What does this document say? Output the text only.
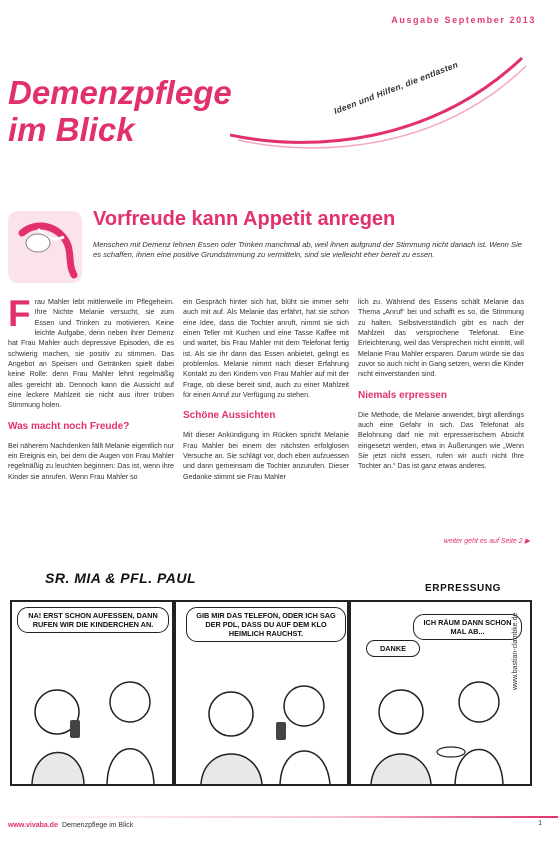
Ausgabe September 2013
Demenzpflege
im Blick
Ideen und Hilfen, die entlasten
Vorfreude kann Appetit anregen
Menschen mit Demenz lehnen Essen oder Trinken manchmal ab, weil ihnen aufgrund der Stimmung nicht danach ist. Wenn Sie es schaffen, ihnen eine positive Grundstimmung zu vermitteln, sind sie vielleicht eher bereit zu essen.
F rau Mahler lebt mittlerweile im Pflegeheim. Ihre Nichte Melanie versucht, sie zum Essen und Trinken zu motivieren. Keine leichte Aufgabe, denn neben ihrer Demenz hat Frau Mahler auch depressive Episoden, die es schwierig machen, sie positiv zu stimmen. Das Angebot an Speisen und Getränken spielt dabei keine Rolle: denn Frau Mahler lehnt regelmäßig alles gereicht ab. Dennoch kann die Aussicht auf eine leckere Mahlzeit sie nicht aus ihrer trüben Stimmung holen.
Was macht noch Freude?
Bei näherem Nachdenken fällt Melanie eigentlich nur ein Ereignis ein, bei dem die Augen von Frau Mahler regelmäßig zu leuchten beginnen: Das ist, wenn ihre Kinder sie anrufen. Wenn Frau Mahler so
ein Gespräch hinter sich hat, blüht sie immer sehr auch mit auf. Als Melanie das erfährt, hat sie schon eine Idee, dass die Tochter anruft, nimmt sie sich einen Teller mit Kuchen und eine Tasse Kaffee mit und wartet, bis Frau Mahler mit dem Telefonat fertig ist. Als sie ihr dann das Essen anbietet, gelingt es problemlos. Melanie nimmt nach dieser Erfahrung Kontakt zu den Kindern von Frau Mahler auf mit der Frage, ob diese bereit sind, auch zu einer Mahlzeit für einen Anruf zur Verfügung zu stehen.
Schöne Aussichten
Mit dieser Ankündigung im Rücken spricht Melanie Frau Mahler bei einem der nächsten erfolglosen Versuche an. Sie schlägt vor, doch eben aufzuessen und dann gemeinsam die Tochter anzurufen. Dieser Gedanke stimmt sie Frau Mahler
lich zu. Während des Essens schält Melanie das Thema „Anruf“ bei und schafft es so, die Stimmung zu halten. Selbstverständlich gibt es nach der Mahlzeit das versprochene Telefonat. Eine Erleichterung, weil das Versprechen nicht eintritt, will Melanie Frau Mahler ersparen. Darum würde sie das zuvor so auch nicht in Gang setzen, wenn die Kinder nicht einverstanden sind.
Niemals erpressen
Die Methode, die Melanie anwendet, birgt allerdings auch eine Gefahr in sich. Das Telefonat als Belohnung darf nie mit erpresserischem Absicht eingesetzt werden, etwa in Äußerungen wie „Wenn Sie jetzt nicht essen, rufen wir auch nicht Ihre Tochter an.“ Das ist ganz etwas anderes.
weiter geht es auf Seite 2 ▶
SR. MIA & PFL. PAUL
ERPRESSUNG
NA! ERST SCHON AUFESSEN, DANN RUFEN WIR DIE KINDERCHEN AN.
GIB MIR DAS TELEFON, ODER ICH SAG DER PDL, DASS DU AUF DEM KLO HEIMLICH RAUCHST.
ICH RÄUM DANN SCHON MAL AB...
DANKE	www.bastian-clambke.de
www.vivaba.de Demenzpflege im Blick	1
